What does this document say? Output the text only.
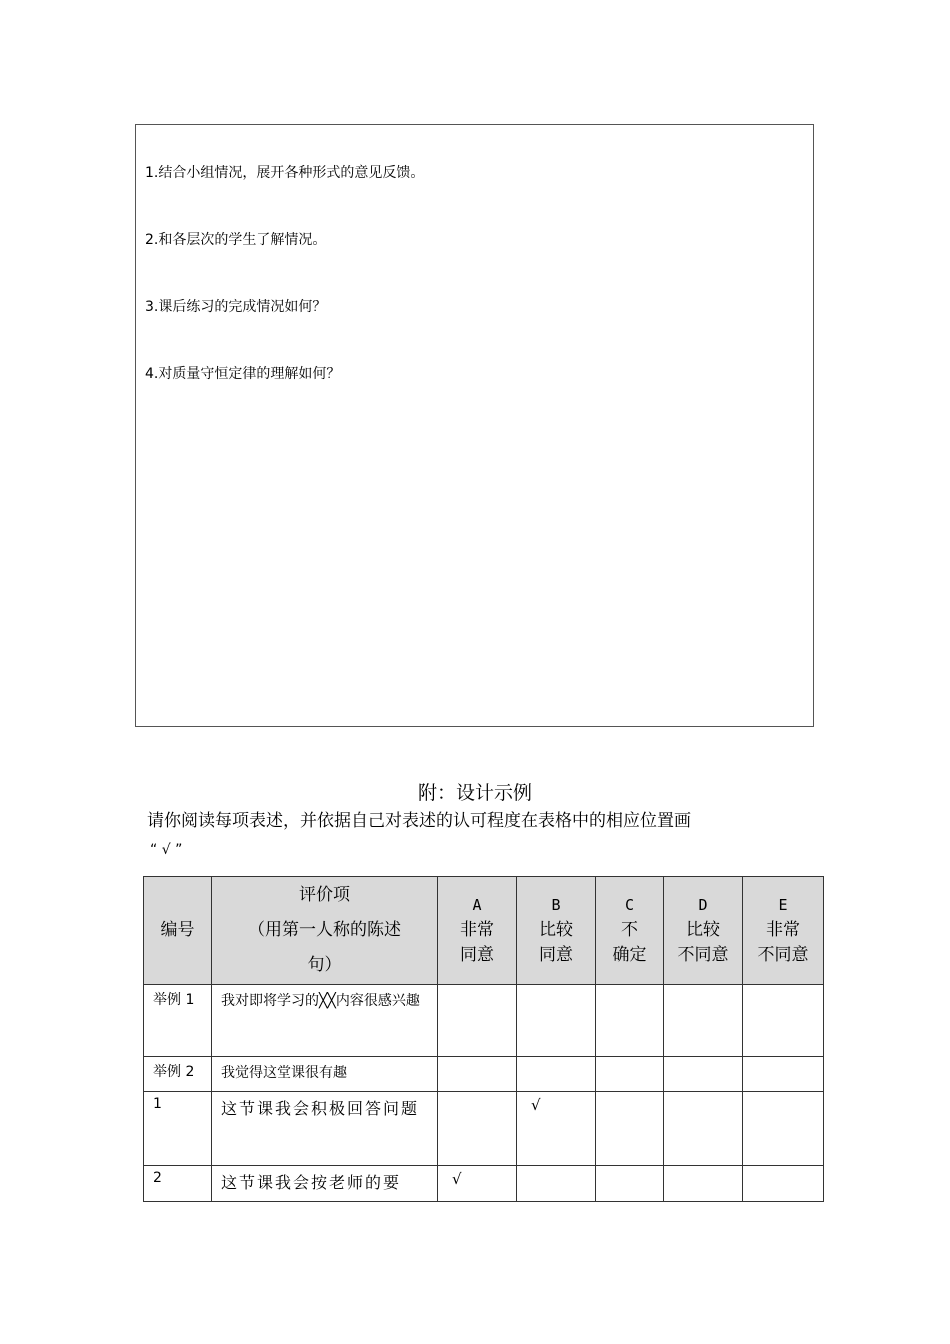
1.结合小组情况，展开各种形式的意见反馈。

2.和各层次的学生了解情况。

3.课后练习的完成情况如何？

4.对质量守恒定律的理解如何？

附：设计示例

请你阅读每项表述，并依据自己对表述的认可程度在表格中的相应位置画

“ √ ”

编号	评价项
（用第一人称的陈述
句）	A
非常
同意	B
比较
同意	C
不
确定	D
比较
不同意	E
非常
不同意

举例 1	我对即将学习的╳╳内容很感兴趣					
举例 2	我觉得这堂课很有趣					
1	这节课我会积极回答问题		√			
2	这节课我会按老师的要	√				
